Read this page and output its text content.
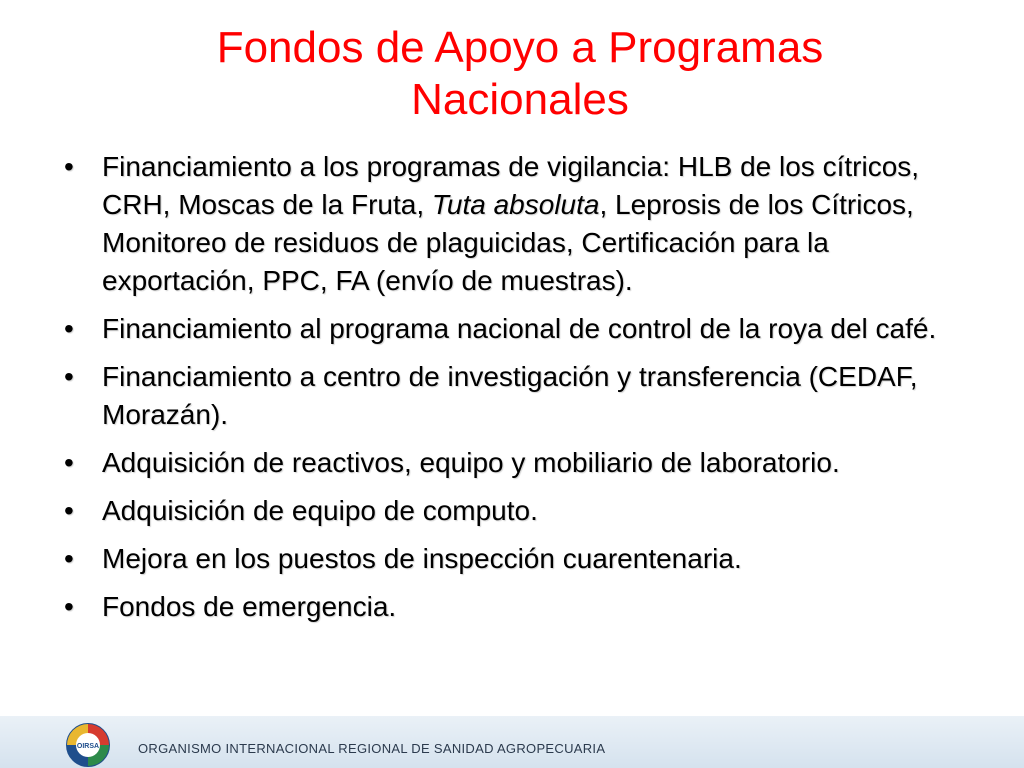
Fondos de Apoyo a Programas
Nacionales
• Financiamiento a los programas de vigilancia: HLB de los cítricos, CRH, Moscas de la Fruta, Tuta absoluta, Leprosis de los Cítricos, Monitoreo de residuos de plaguicidas, Certificación para la exportación, PPC, FA (envío de muestras).
• Financiamiento al programa nacional de control de la roya del café.
• Financiamiento a centro de investigación y transferencia (CEDAF, Morazán).
• Adquisición de reactivos, equipo y mobiliario de laboratorio.
• Adquisición de equipo de computo.
• Mejora en los puestos de inspección cuarentenaria.
• Fondos de emergencia.
OIRSA	ORGANISMO INTERNACIONAL REGIONAL DE SANIDAD AGROPECUARIA
